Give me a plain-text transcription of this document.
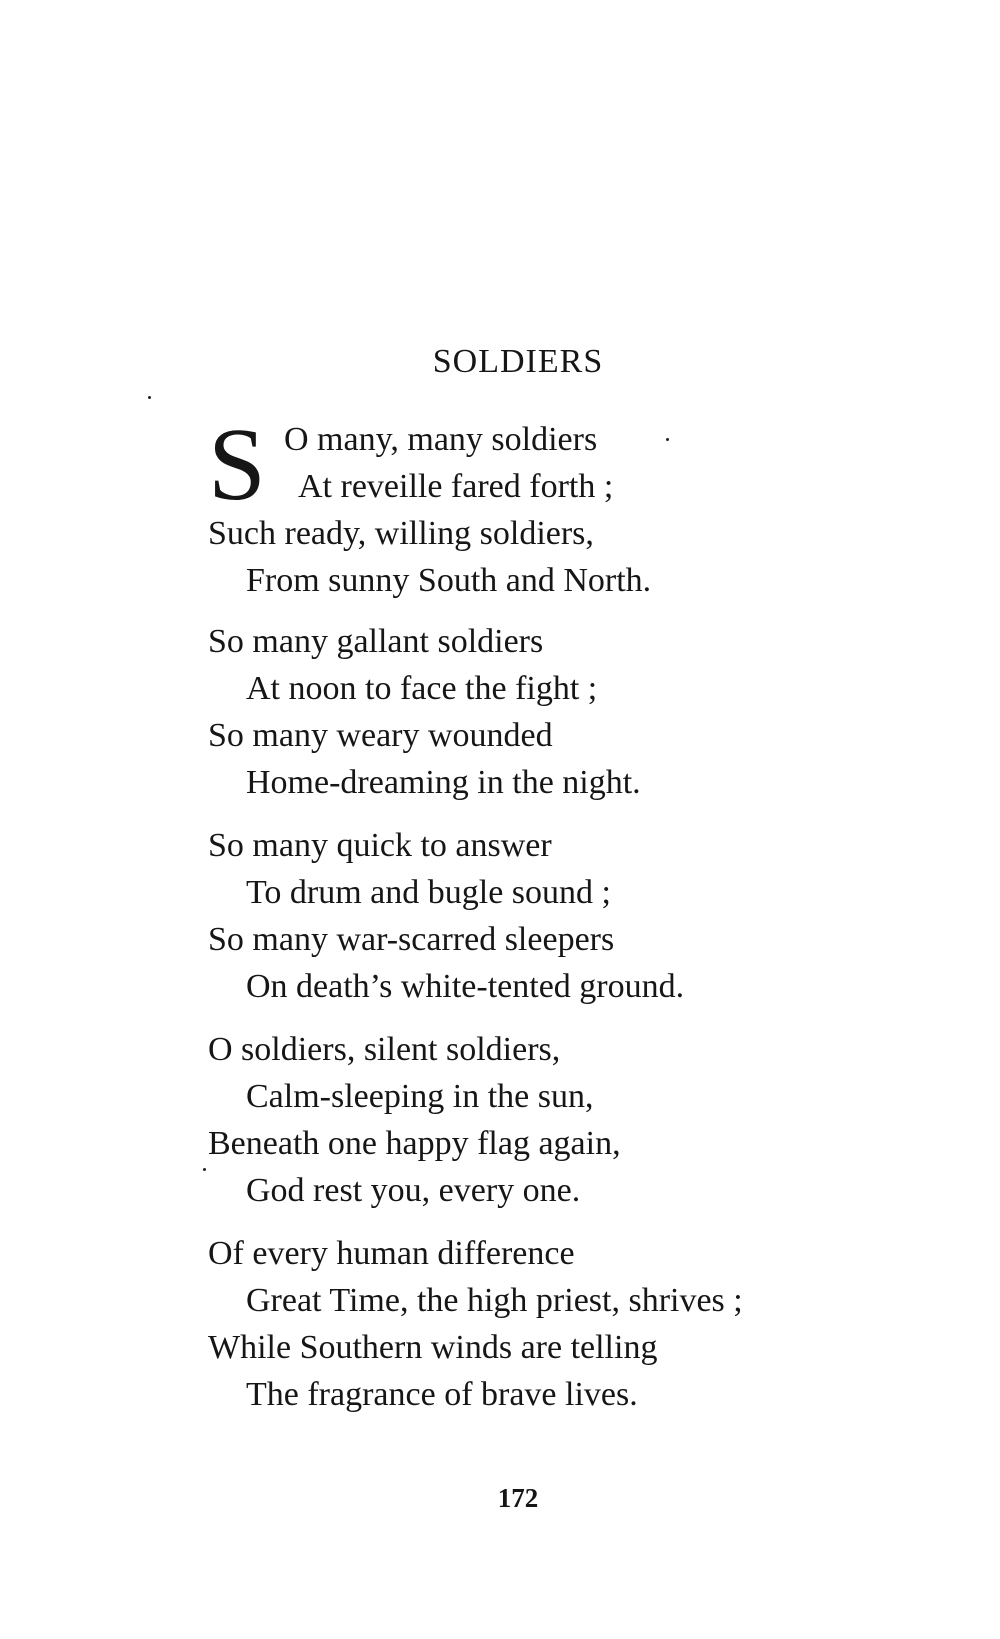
SOLDIERS
S O many, many soldiers
At reveille fared forth ;
Such ready, willing soldiers,
From sunny South and North.
So many gallant soldiers
At noon to face the fight ;
So many weary wounded
Home-dreaming in the night.
So many quick to answer
To drum and bugle sound ;
So many war-scarred sleepers
On death’s white-tented ground.
O soldiers, silent soldiers,
Calm-sleeping in the sun,
Beneath one happy flag again,
God rest you, every one.
Of every human difference
Great Time, the high priest, shrives ;
While Southern winds are telling
The fragrance of brave lives.
172
